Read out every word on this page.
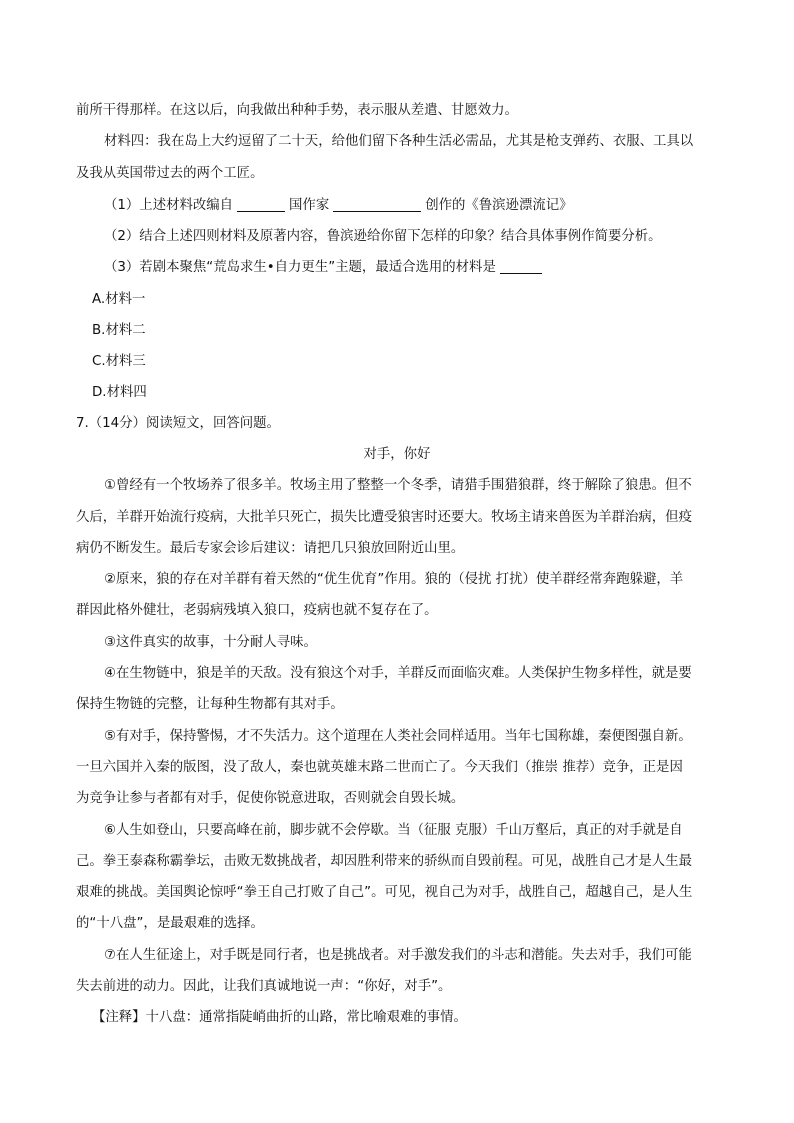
前所干得那样。在这以后，向我做出种种手势，表示服从差遣、甘愿效力。
材料四：我在岛上大约逗留了二十天，给他们留下各种生活必需品，尤其是枪支弹药、衣服、工具以
及我从英国带过去的两个工匠。
（1）上述材料改编自	国作家	创作的《鲁滨逊漂流记》
（2）结合上述四则材料及原著内容，鲁滨逊给你留下怎样的印象？结合具体事例作简要分析。
（3）若剧本聚焦“荒岛求生•自力更生”主题，最适合选用的材料是
A.材料一
B.材料二
C.材料三
D.材料四
7.（14分）阅读短文，回答问题。
对手，你好
①曾经有一个牧场养了很多羊。牧场主用了整整一个冬季，请猎手围猎狼群，终于解除了狼患。但不
久后，羊群开始流行疫病，大批羊只死亡，损失比遭受狼害时还要大。牧场主请来兽医为羊群治病，但疫
病仍不断发生。最后专家会诊后建议：请把几只狼放回附近山里。
②原来，狼的存在对羊群有着天然的“优生优育”作用。狼的（侵扰 打扰）使羊群经常奔跑躲避，羊
群因此格外健壮，老弱病残填入狼口，疫病也就不复存在了。
③这件真实的故事，十分耐人寻味。
④在生物链中，狼是羊的天敌。没有狼这个对手，羊群反而面临灾难。人类保护生物多样性，就是要
保持生物链的完整，让每种生物都有其对手。
⑤有对手，保持警惕，才不失活力。这个道理在人类社会同样适用。当年七国称雄，秦便图强自新。
一旦六国并入秦的版图，没了敌人，秦也就英雄末路二世而亡了。今天我们（推崇 推荐）竞争，正是因
为竞争让参与者都有对手，促使你锐意进取，否则就会自毁长城。
⑥人生如登山，只要高峰在前，脚步就不会停歇。当（征服 克服）千山万壑后，真正的对手就是自
己。拳王泰森称霸拳坛，击败无数挑战者，却因胜利带来的骄纵而自毁前程。可见，战胜自己才是人生最
艰难的挑战。美国舆论惊呼“拳王自己打败了自己”。可见，视自己为对手，战胜自己，超越自己，是人生
的“十八盘”，是最艰难的选择。
⑦在人生征途上，对手既是同行者，也是挑战者。对手激发我们的斗志和潜能。失去对手，我们可能
失去前进的动力。因此，让我们真诚地说一声：“你好，对手”。
【注释】十八盘：通常指陡峭曲折的山路，常比喻艰难的事情。
